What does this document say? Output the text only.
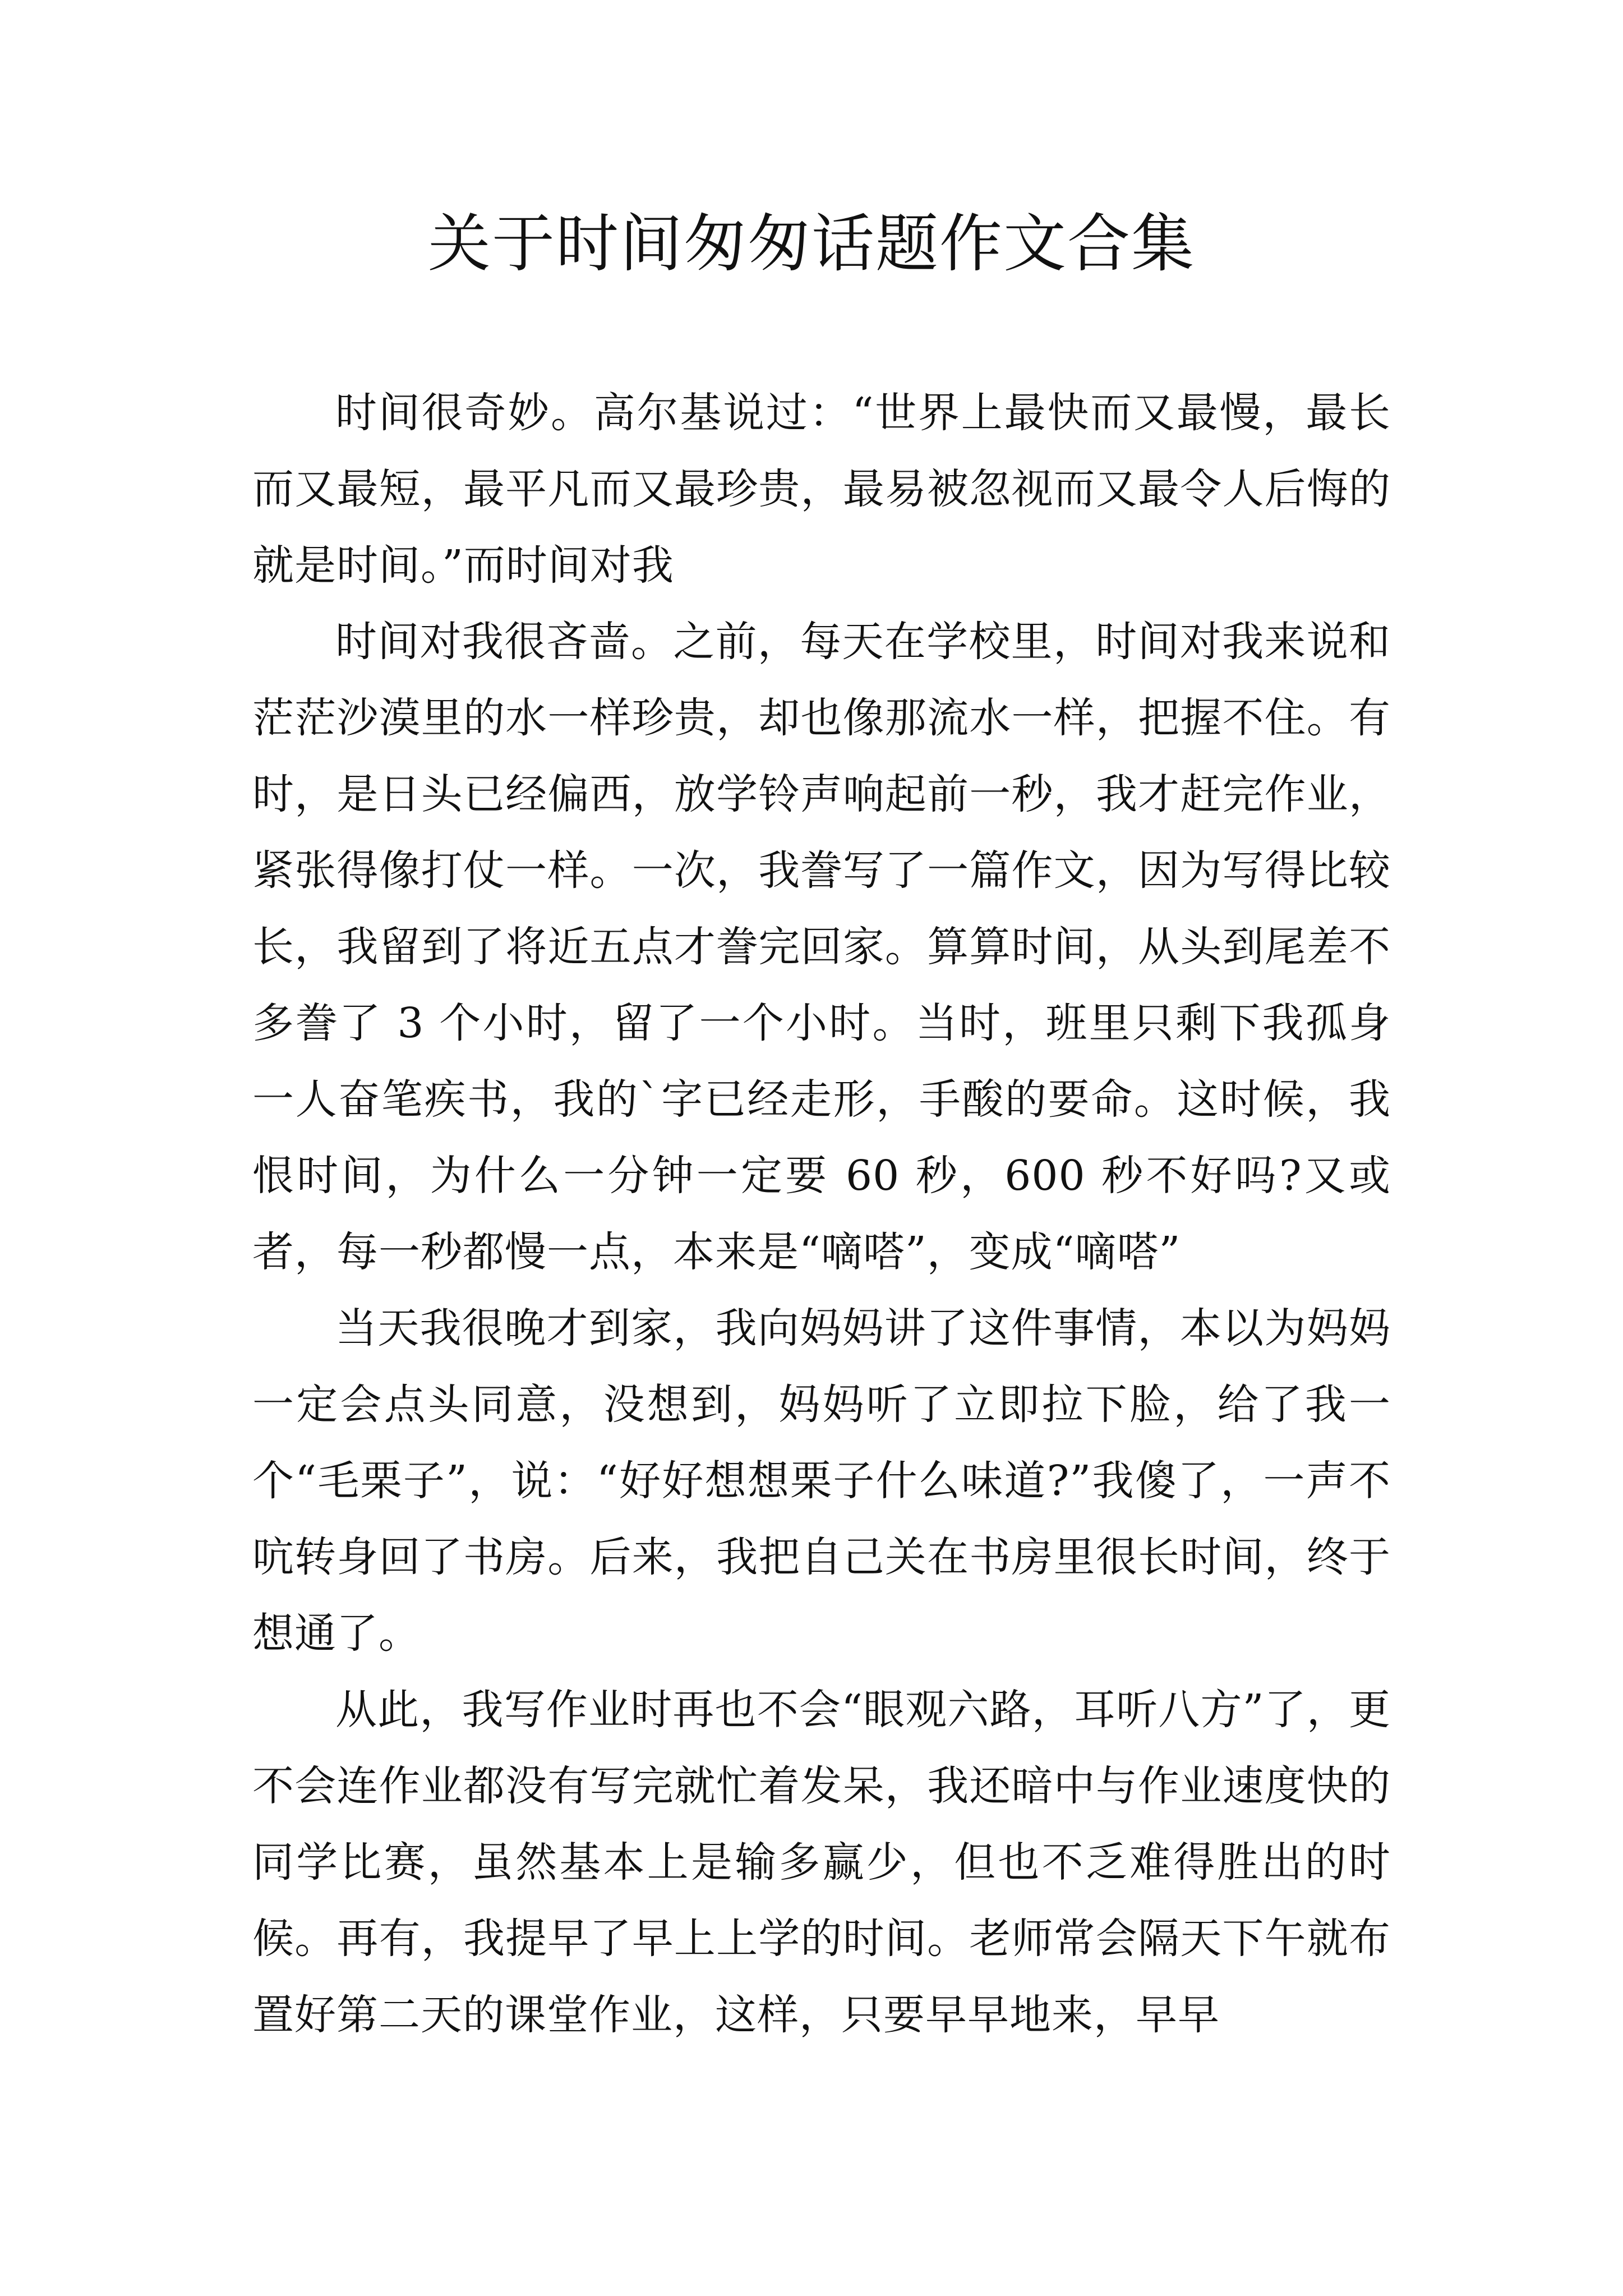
关于时间匆匆话题作文合集

时间很奇妙。高尔基说过：“世界上最快而又最慢，最长而又最短，最平凡而又最珍贵，最易被忽视而又最令人后悔的就是时间。”而时间对我

时间对我很吝啬。之前，每天在学校里，时间对我来说和茫茫沙漠里的水一样珍贵，却也像那流水一样，把握不住。有时，是日头已经偏西，放学铃声响起前一秒，我才赶完作业，紧张得像打仗一样。一次，我誊写了一篇作文，因为写得比较长，我留到了将近五点才誊完回家。算算时间，从头到尾差不多誊了 3 个小时，留了一个小时。当时，班里只剩下我孤身一人奋笔疾书，我的`字已经走形，手酸的要命。这时候，我恨时间，为什么一分钟一定要 60 秒，600 秒不好吗?又或者，每一秒都慢一点，本来是“嘀嗒”，变成“嘀嗒”

当天我很晚才到家，我向妈妈讲了这件事情，本以为妈妈一定会点头同意，没想到，妈妈听了立即拉下脸，给了我一个“毛栗子”，说：“好好想想栗子什么味道?”我傻了，一声不吭转身回了书房。后来，我把自己关在书房里很长时间，终于想通了。

从此，我写作业时再也不会“眼观六路，耳听八方”了，更不会连作业都没有写完就忙着发呆，我还暗中与作业速度快的同学比赛，虽然基本上是输多赢少，但也不乏难得胜出的时候。再有，我提早了早上上学的时间。老师常会隔天下午就布置好第二天的课堂作业，这样，只要早早地来，早早
